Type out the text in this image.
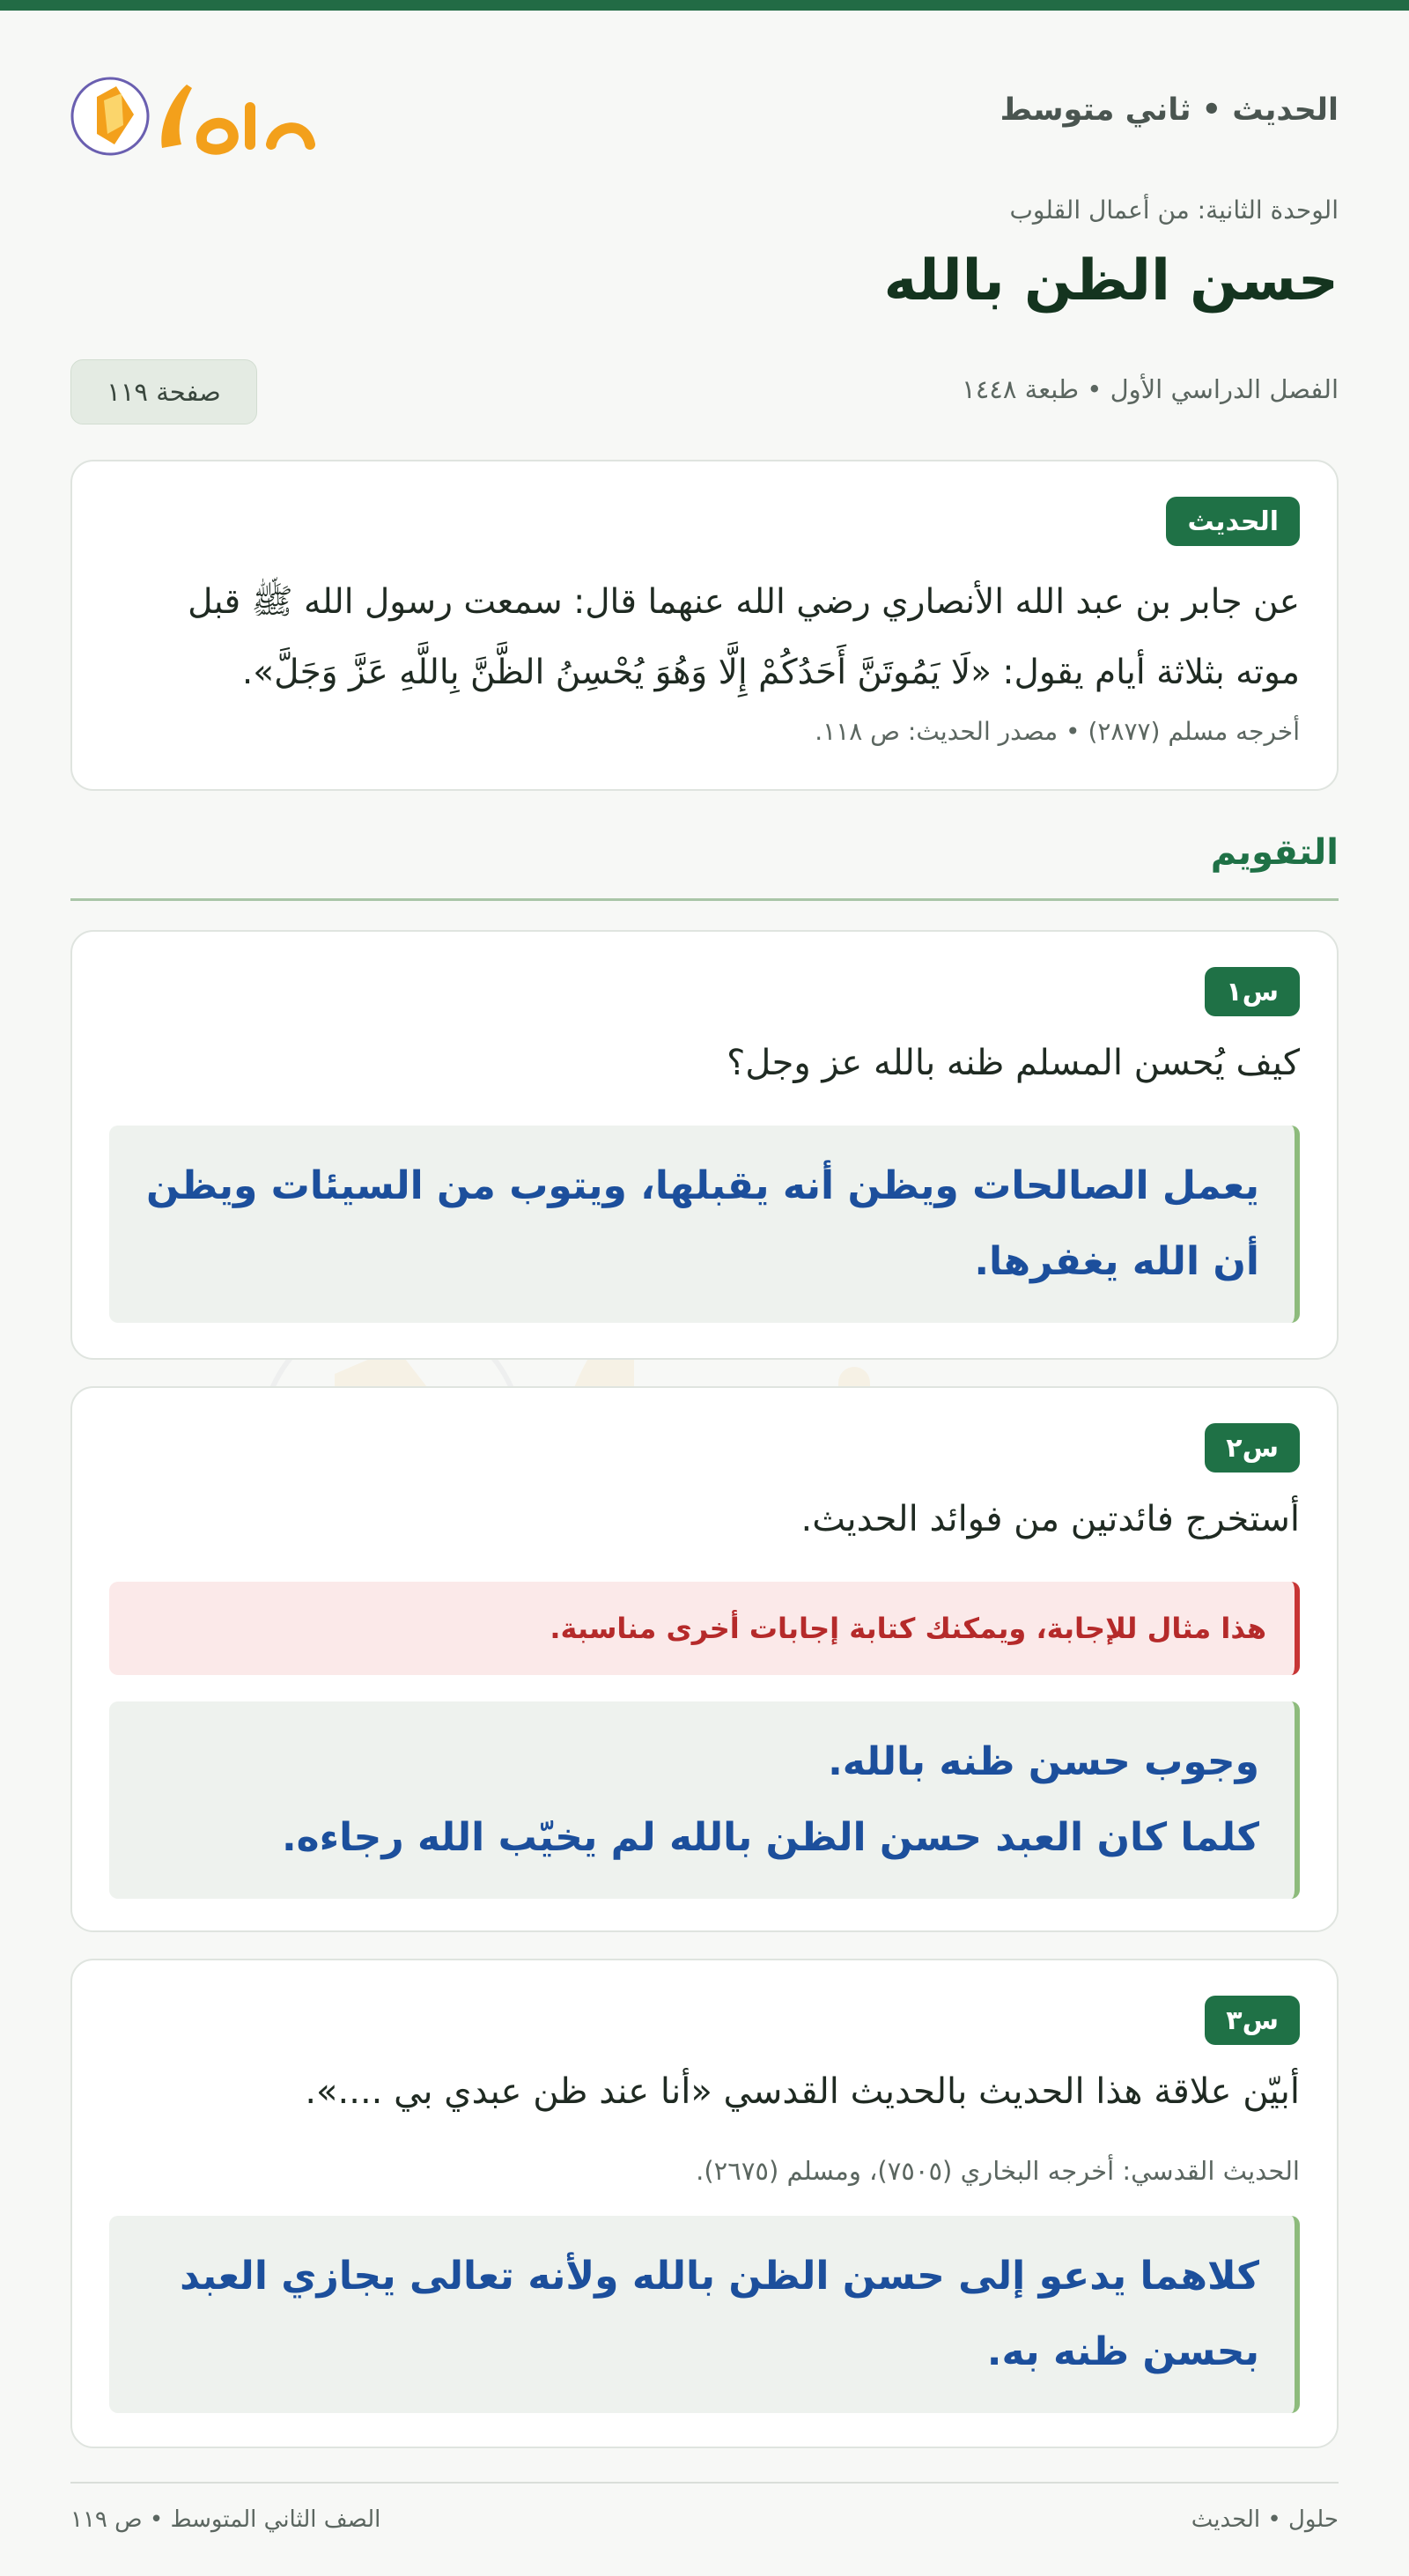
الحديث • ثاني متوسط
الوحدة الثانية: من أعمال القلوب
حسن الظن بالله
الفصل الدراسي الأول • طبعة ١٤٤٨
صفحة ١١٩
الحديث
عن جابر بن عبد الله الأنصاري رضي الله عنهما قال: سمعت رسول الله ﷺ قبل
موته بثلاثة أيام يقول: «لَا يَمُوتَنَّ أَحَدُكُمْ إِلَّا وَهُوَ يُحْسِنُ الظَّنَّ بِاللَّهِ عَزَّ وَجَلَّ».
أخرجه مسلم (٢٨٧٧) • مصدر الحديث: ص ١١٨.
التقويم
س١
كيف يُحسن المسلم ظنه بالله عز وجل؟
يعمل الصالحات ويظن أنه يقبلها، ويتوب من السيئات ويظن
أن الله يغفرها.
س٢
أستخرج فائدتين من فوائد الحديث.
هذا مثال للإجابة، ويمكنك كتابة إجابات أخرى مناسبة.
وجوب حسن ظنه بالله.
كلما كان العبد حسن الظن بالله لم يخيّب الله رجاءه.
س٣
أبيّن علاقة هذا الحديث بالحديث القدسي «أنا عند ظن عبدي بي ....».
الحديث القدسي: أخرجه البخاري (٧٥٠٥)، ومسلم (٢٦٧٥).
كلاهما يدعو إلى حسن الظن بالله ولأنه تعالى يجازي العبد
بحسن ظنه به.
حلول • الحديث
الصف الثاني المتوسط • ص ١١٩
